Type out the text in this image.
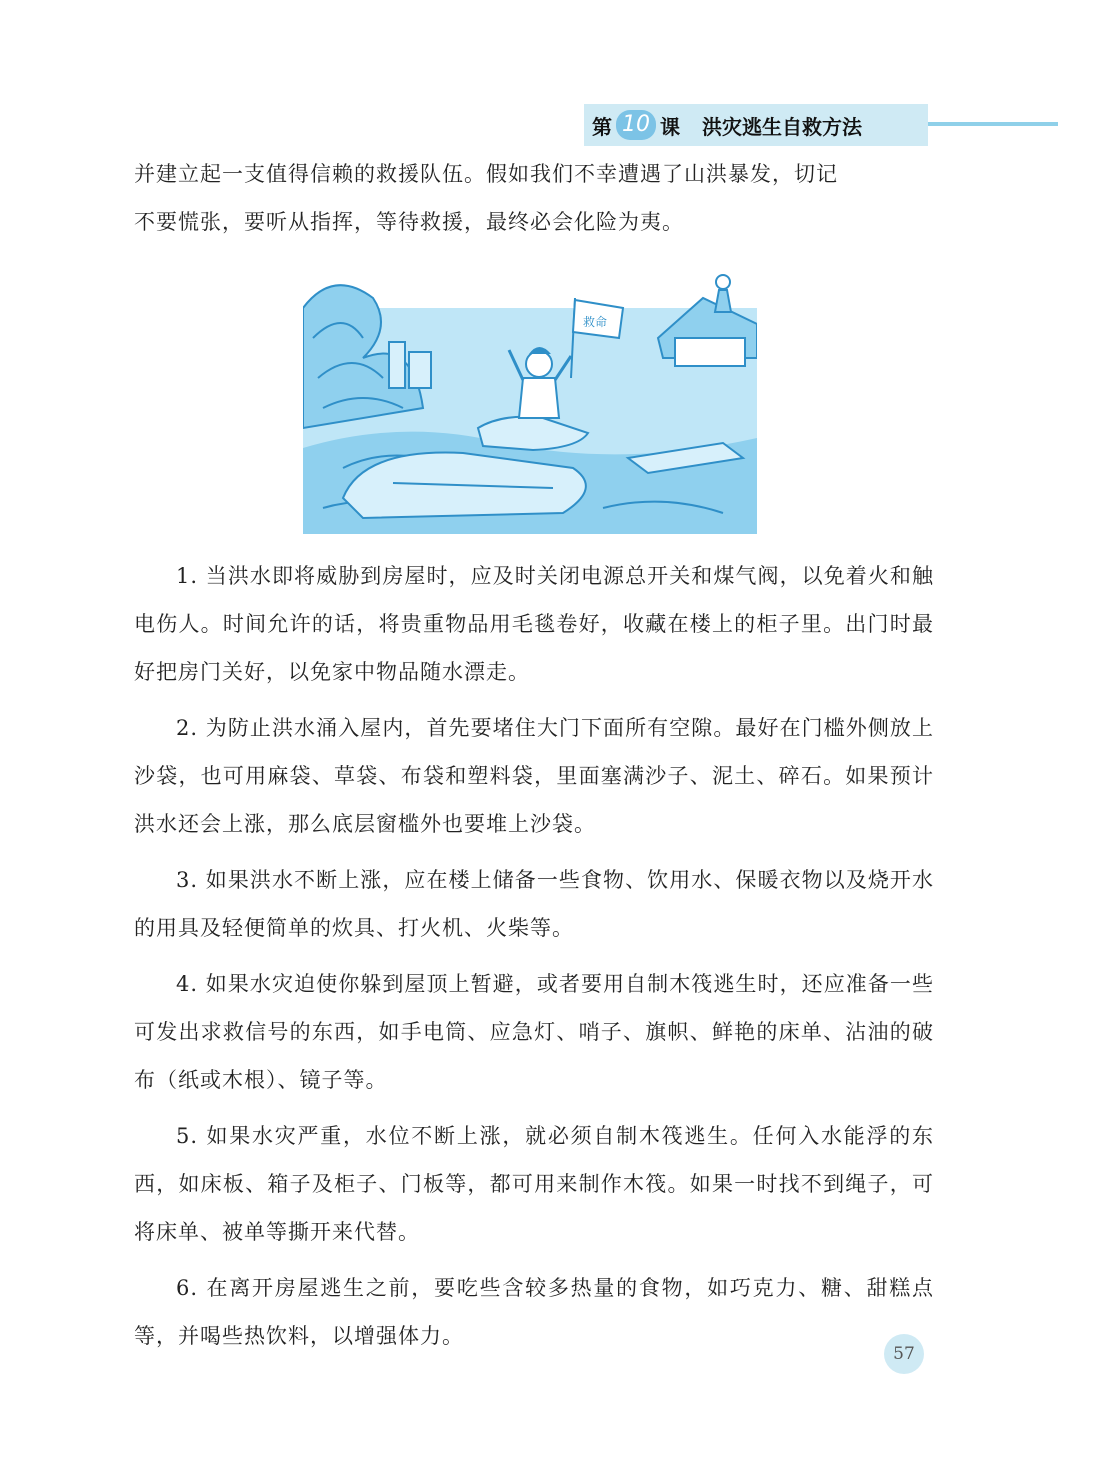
第 10 课 洪灾逃生自救方法

并建立起一支值得信赖的救援队伍。假如我们不幸遭遇了山洪暴发，切记
不要慌张，要听从指挥，等待救援，最终必会化险为夷。

救命

1. 当洪水即将威胁到房屋时，应及时关闭电源总开关和煤气阀，以免着火和触电伤人。时间允许的话，将贵重物品用毛毯卷好，收藏在楼上的柜子里。出门时最好把房门关好，以免家中物品随水漂走。

2. 为防止洪水涌入屋内，首先要堵住大门下面所有空隙。最好在门槛外侧放上沙袋，也可用麻袋、草袋、布袋和塑料袋，里面塞满沙子、泥土、碎石。如果预计洪水还会上涨，那么底层窗槛外也要堆上沙袋。

3. 如果洪水不断上涨，应在楼上储备一些食物、饮用水、保暖衣物以及烧开水的用具及轻便简单的炊具、打火机、火柴等。

4. 如果水灾迫使你躲到屋顶上暂避，或者要用自制木筏逃生时，还应准备一些可发出求救信号的东西，如手电筒、应急灯、哨子、旗帜、鲜艳的床单、沾油的破布（纸或木根）、镜子等。

5. 如果水灾严重，水位不断上涨，就必须自制木筏逃生。任何入水能浮的东西，如床板、箱子及柜子、门板等，都可用来制作木筏。如果一时找不到绳子，可将床单、被单等撕开来代替。

6. 在离开房屋逃生之前，要吃些含较多热量的食物，如巧克力、糖、甜糕点等，并喝些热饮料，以增强体力。

57
